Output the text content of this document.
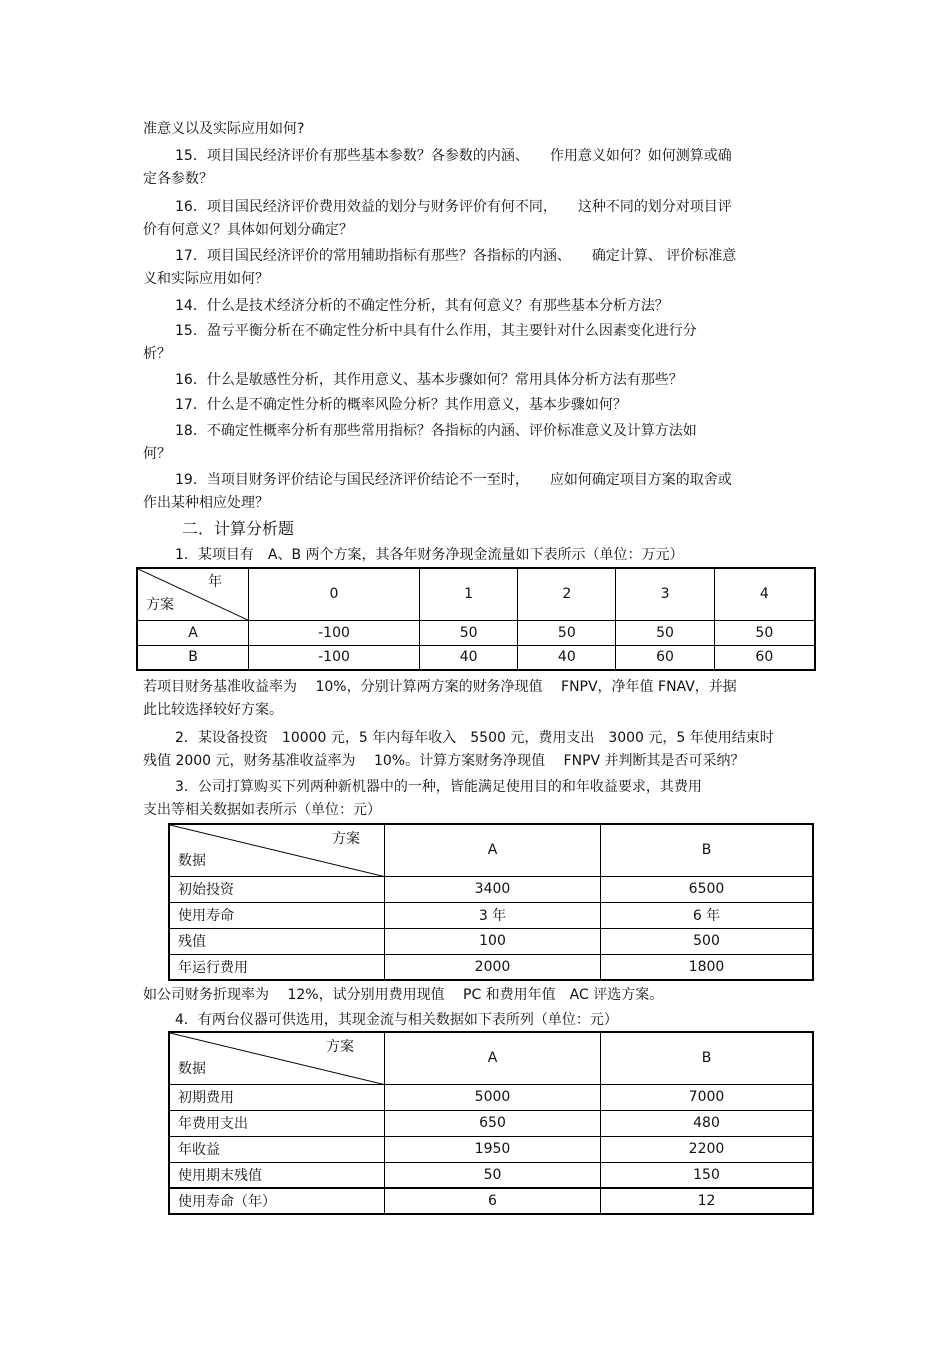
准意义以及实际应用如何?
15．项目国民经济评价有那些基本参数？各参数的内涵、　　作用意义如何？如何测算或确
定各参数？
16．项目国民经济评价费用效益的划分与财务评价有何不同，　　这种不同的划分对项目评
价有何意义？具体如何划分确定？
17．项目国民经济评价的常用辅助指标有那些？各指标的内涵、　　确定计算、 评价标准意
义和实际应用如何？
14．什么是技术经济分析的不确定性分析，其有何意义？有那些基本分析方法？
15．盈亏平衡分析在不确定性分析中具有什么作用，其主要针对什么因素变化进行分
析？
16．什么是敏感性分析，其作用意义、基本步骤如何？常用具体分析方法有那些？
17．什么是不确定性分析的概率风险分析？其作用意义，基本步骤如何？
18．不确定性概率分析有那些常用指标？各指标的内涵、评价标准意义及计算方法如
何？
19．当项目财务评价结论与国民经济评价结论不一至时，　　应如何确定项目方案的取舍或
作出某种相应处理？
二．计算分析题
1．某项目有　A、B 两个方案，其各年财务净现金流量如下表所示（单位：万元）
年
方案	0	1	2	3	4
A	-100	50	50	50	50
B	-100	40	40	60	60
若项目财务基准收益率为　 10%，分别计算两方案的财务净现值　 FNPV，净年值 FNAV，并据
此比较选择较好方案。
2．某设备投资　10000 元，5 年内每年收入　5500 元，费用支出　3000 元，5 年使用结束时
残值 2000 元，财务基准收益率为　 10%。计算方案财务净现值　 FNPV 并判断其是否可采纳？
3．公司打算购买下列两种新机器中的一种，皆能满足使用目的和年收益要求，其费用
支出等相关数据如表所示（单位：元）
方案
数据	A	B
初始投资	3400	6500
使用寿命	3 年	6 年
残值	100	500
年运行费用	2000	1800
如公司财务折现率为　 12%，试分别用费用现值　 PC 和费用年值　AC 评选方案。
4．有两台仪器可供选用，其现金流与相关数据如下表所列（单位：元）
方案
数据	A	B
初期费用	5000	7000
年费用支出	650	480
年收益	1950	2200
使用期末残值	50	150
使用寿命（年）	6	12
